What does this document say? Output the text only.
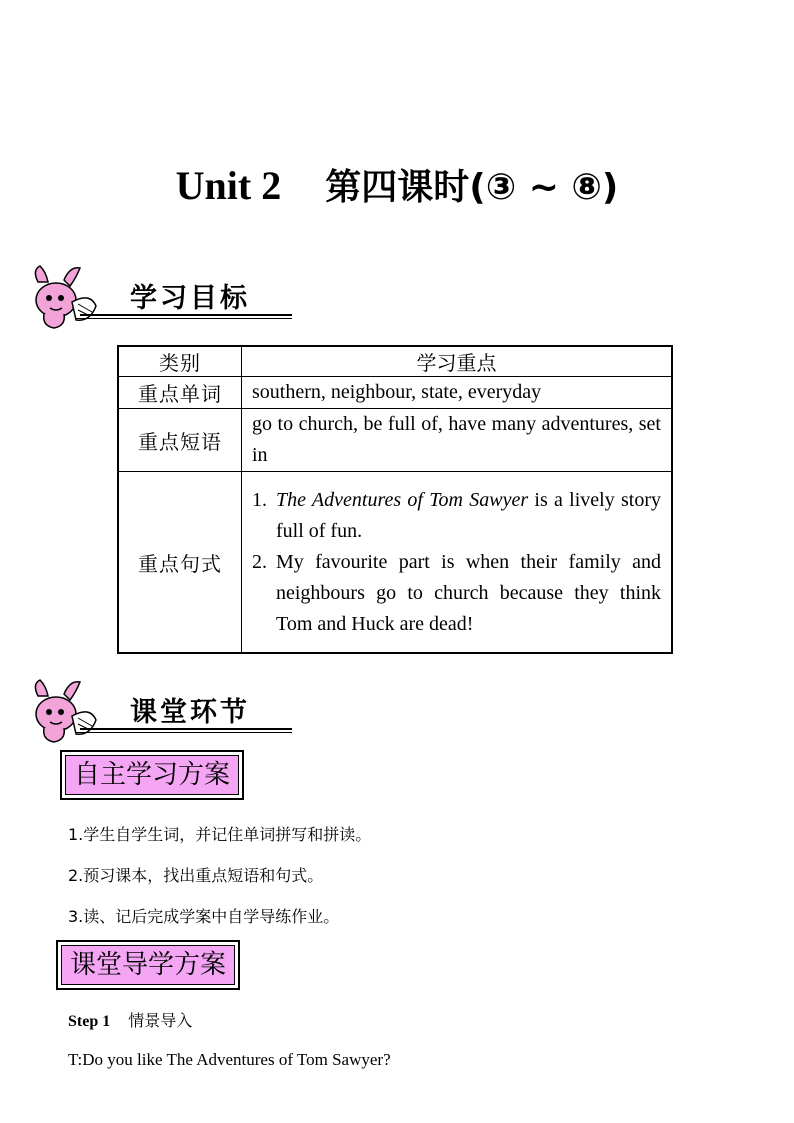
Unit 2 第四课时(③ ~ ⑧)
学习目标
类别	学习重点
重点单词	southern, neighbour, state, everyday
重点短语	go to church, be full of, have many adventures, set in
重点句式	1. The Adventures of Tom Sawyer is a lively story full of fun.
2. My favourite part is when their family and neighbours go to church because they think Tom and Huck are dead!
课堂环节
自主学习方案
1.学生自学生词，并记住单词拼写和拼读。
2.预习课本，找出重点短语和句式。
3.读、记后完成学案中自学导练作业。
课堂导学方案
Step 1 情景导入
T:Do you like The Adventures of Tom Sawyer?
